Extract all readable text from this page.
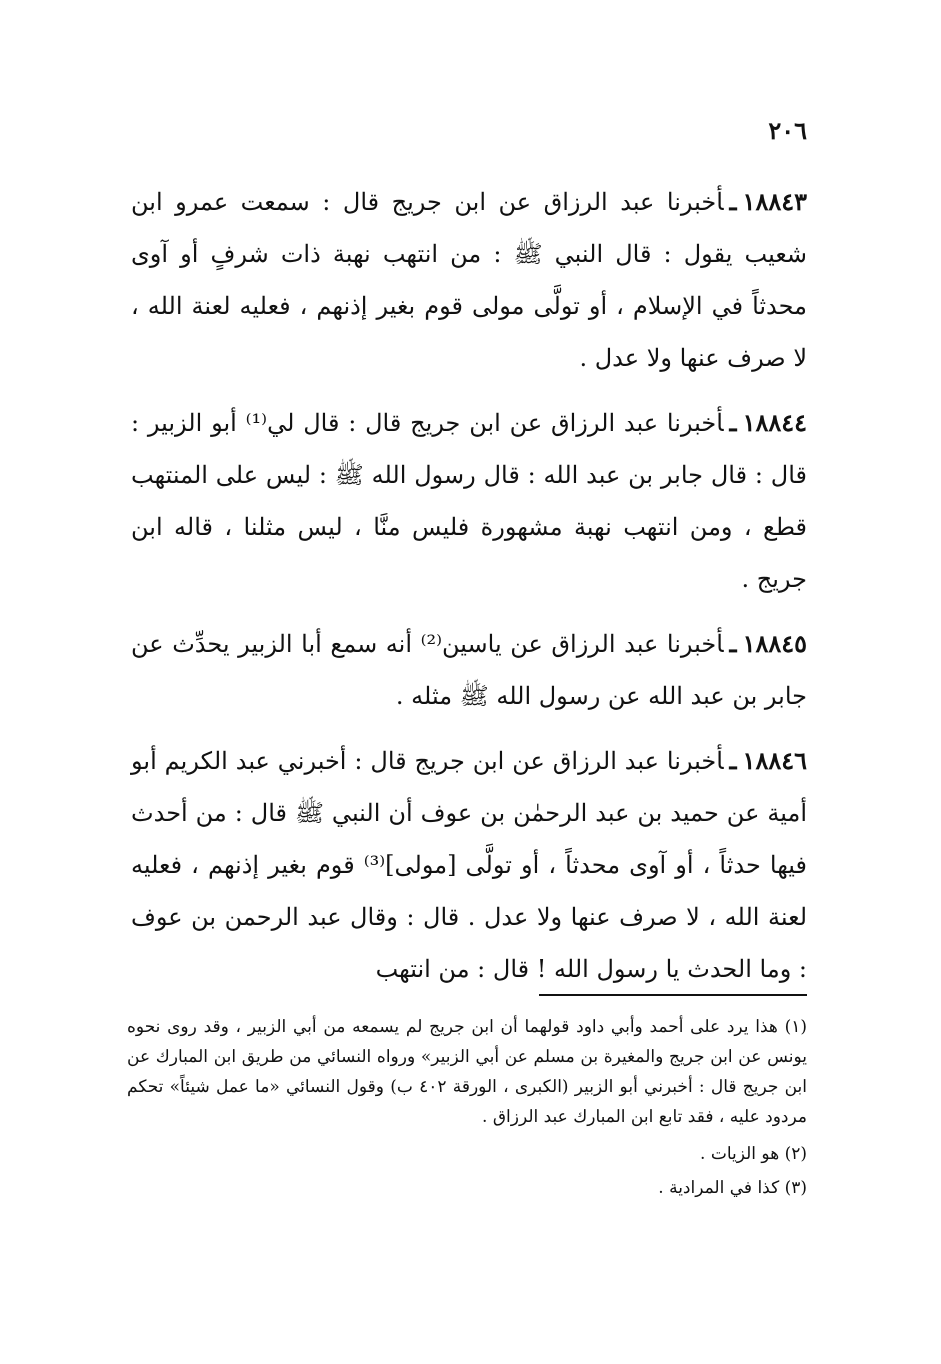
٢٠٦

١٨٨٤٣ـأخبرنا عبد الرزاق عن ابن جريج قال : سمعت عمرو ابن شعيب يقول : قال النبي ﷺ : من انتهب نهبة ذات شرفٍ أو آوى محدثاً في الإسلام ، أو تولَّى مولى قوم بغير إذنهم ، فعليه لعنة الله ، لا صرف عنها ولا عدل .

١٨٨٤٤ـأخبرنا عبد الرزاق عن ابن جريج قال : قال لي⁽¹⁾ أبو الزبير : قال : قال جابر بن عبد الله : قال رسول الله ﷺ : ليس على المنتهب قطع ، ومن انتهب نهبة مشهورة فليس منَّا ، ليس مثلنا ، قاله ابن جريج .

١٨٨٤٥ـأخبرنا عبد الرزاق عن ياسين⁽²⁾ أنه سمع أبا الزبير يحدِّث عن جابر بن عبد الله عن رسول الله ﷺ مثله .

١٨٨٤٦ـأخبرنا عبد الرزاق عن ابن جريج قال : أخبرني عبد الكريم أبو أمية عن حميد بن عبد الرحمٰن بن عوف أن النبي ﷺ قال : من أحدث فيها حدثاً ، أو آوى محدثاً ، أو تولَّى [مولى]⁽³⁾ قوم بغير إذنهم ، فعليه لعنة الله ، لا صرف عنها ولا عدل . قال : وقال عبد الرحمن بن عوف : وما الحدث يا رسول الله ! قال : من انتهب

(١) هذا يرد على أحمد وأبي داود قولهما أن ابن جريج لم يسمعه من أبي الزبير ، وقد روى نحوه يونس عن ابن جريج والمغيرة بن مسلم عن أبي الزبير» ورواه النسائي من طريق ابن المبارك عن ابن جريج قال : أخبرني أبو الزبير (الكبرى ، الورقة ٤٠٢ ب) وقول النسائي «ما عمل شيئاً» تحكم مردود عليه ، فقد تابع ابن المبارك عبد الرزاق .

(٢) هو الزيات .

(٣) كذا في المرادية .
